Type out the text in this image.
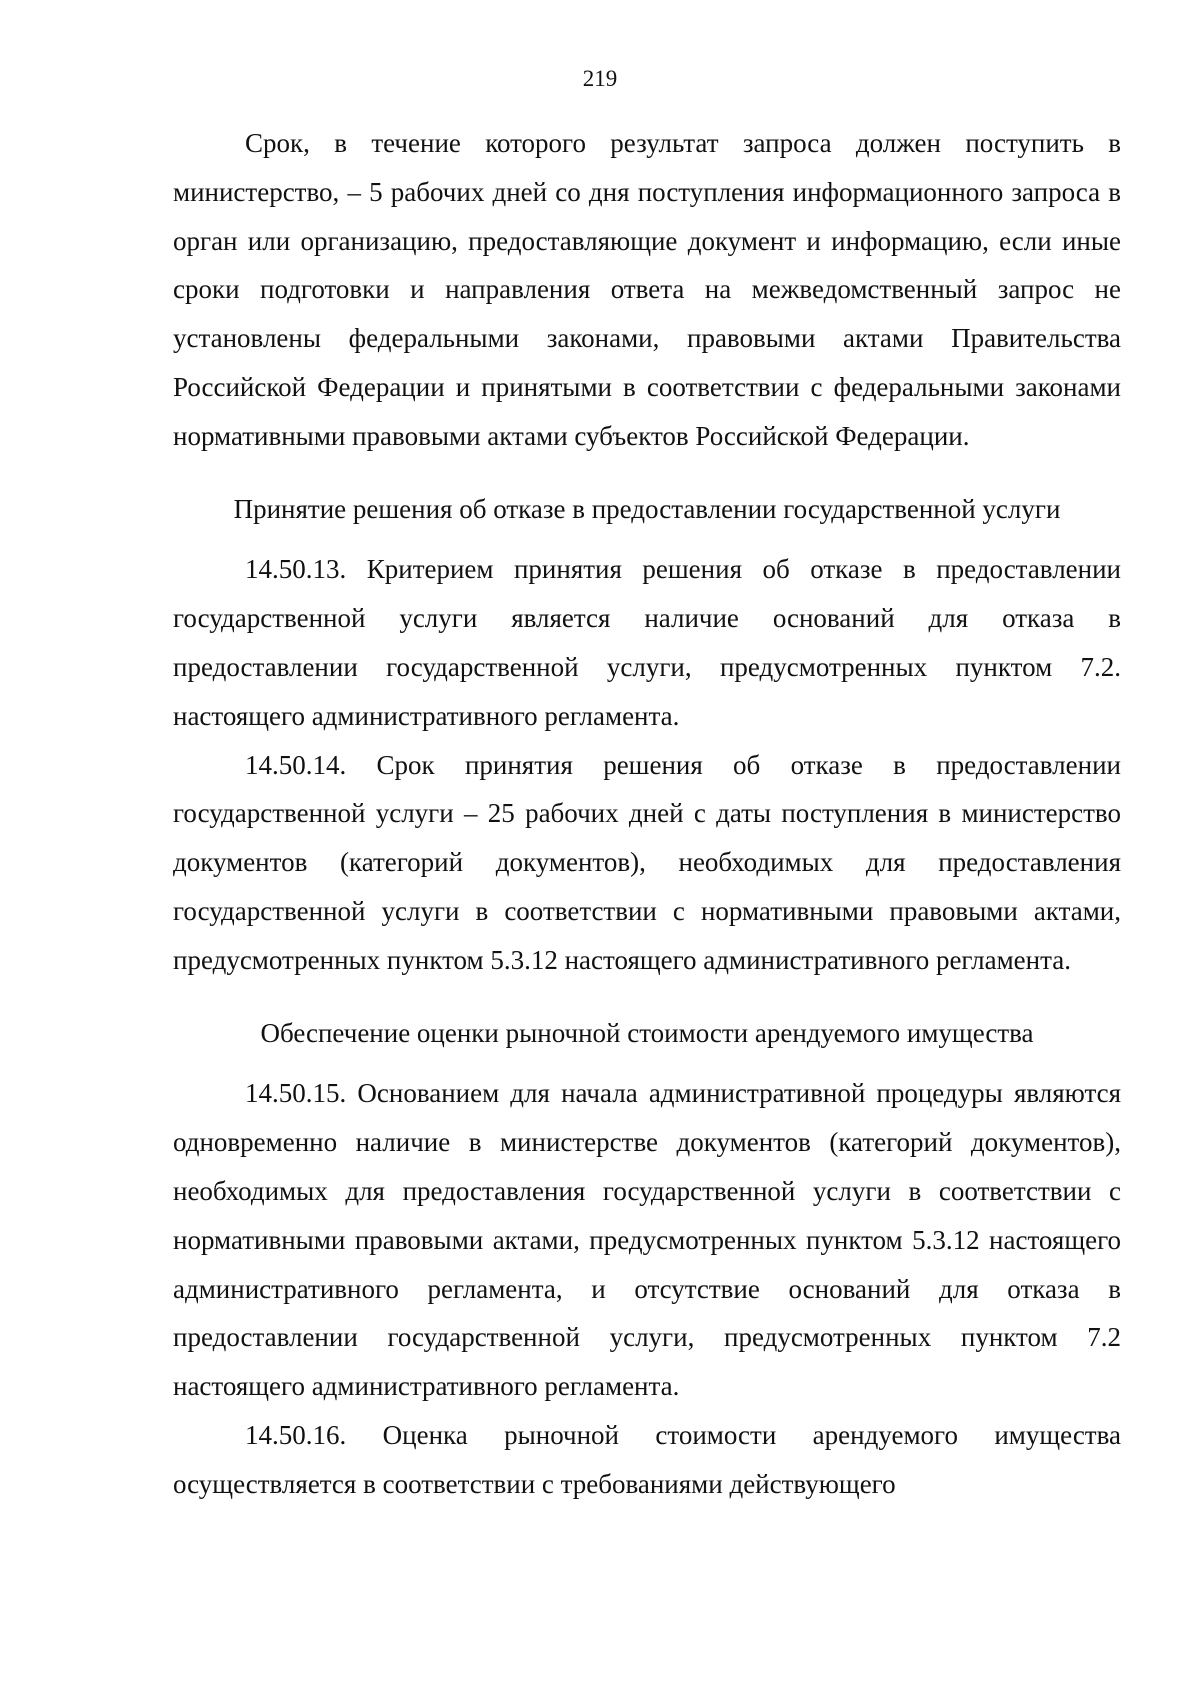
219

Срок, в течение которого результат запроса должен поступить в министерство, – 5 рабочих дней со дня поступления информационного запроса в орган или организацию, предоставляющие документ и информацию, если иные сроки подготовки и направления ответа на межведомственный запрос не установлены федеральными законами, правовыми актами Правительства Российской Федерации и принятыми в соответствии с федеральными законами нормативными правовыми актами субъектов Российской Федерации.

Принятие решения об отказе в предоставлении государственной услуги

14.50.13. Критерием принятия решения об отказе в предоставлении государственной услуги является наличие оснований для отказа в предоставлении государственной услуги, предусмотренных пунктом 7.2. настоящего административного регламента.

14.50.14. Срок принятия решения об отказе в предоставлении государственной услуги – 25 рабочих дней с даты поступления в министерство документов (категорий документов), необходимых для предоставления государственной услуги в соответствии с нормативными правовыми актами, предусмотренных пунктом 5.3.12 настоящего административного регламента.

Обеспечение оценки рыночной стоимости арендуемого имущества

14.50.15. Основанием для начала административной процедуры являются одновременно наличие в министерстве документов (категорий документов), необходимых для предоставления государственной услуги в соответствии с нормативными правовыми актами, предусмотренных пунктом 5.3.12 настоящего административного регламента, и отсутствие оснований для отказа в предоставлении государственной услуги, предусмотренных пунктом 7.2 настоящего административного регламента.

14.50.16. Оценка рыночной стоимости арендуемого имущества осуществляется в соответствии с требованиями действующего
